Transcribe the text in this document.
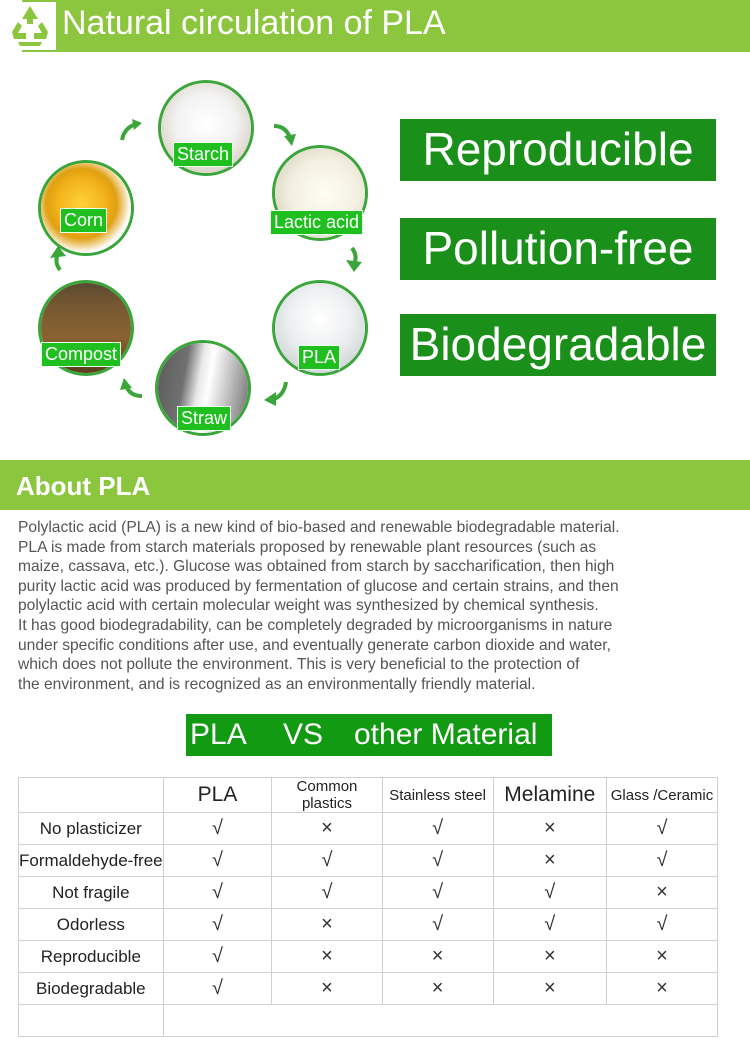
Natural circulation of PLA
Starch
Lactic acid
PLA
Straw
Compost
Corn
Reproducible
Pollution-free
Biodegradable
About PLA

Polylactic acid (PLA) is a new kind of bio-based and renewable biodegradable material.

PLA is made from starch materials proposed by renewable plant resources (such as

maize, cassava, etc.). Glucose was obtained from starch by saccharification, then high

purity lactic acid was produced by fermentation of glucose and certain strains, and then

polylactic acid with certain molecular weight was synthesized by chemical synthesis.

It has good biodegradability, can be completely degraded by microorganisms in nature

under specific conditions after use, and eventually generate carbon dioxide and water,

which does not pollute the environment. This is very beneficial to the protection of

the environment, and is recognized as an environmentally friendly material.

PLA VS other Material
	PLA	Common plastics	Stainless steel	Melamine	Glass /Ceramic

No plasticizer	√	×	√	×	√
Formaldehyde-free	√	√	√	×	√
Not fragile	√	√	√	√	×
Odorless	√	×	√	√	√
Reproducible	√	×	×	×	×
Biodegradable	√	×	×	×	×
